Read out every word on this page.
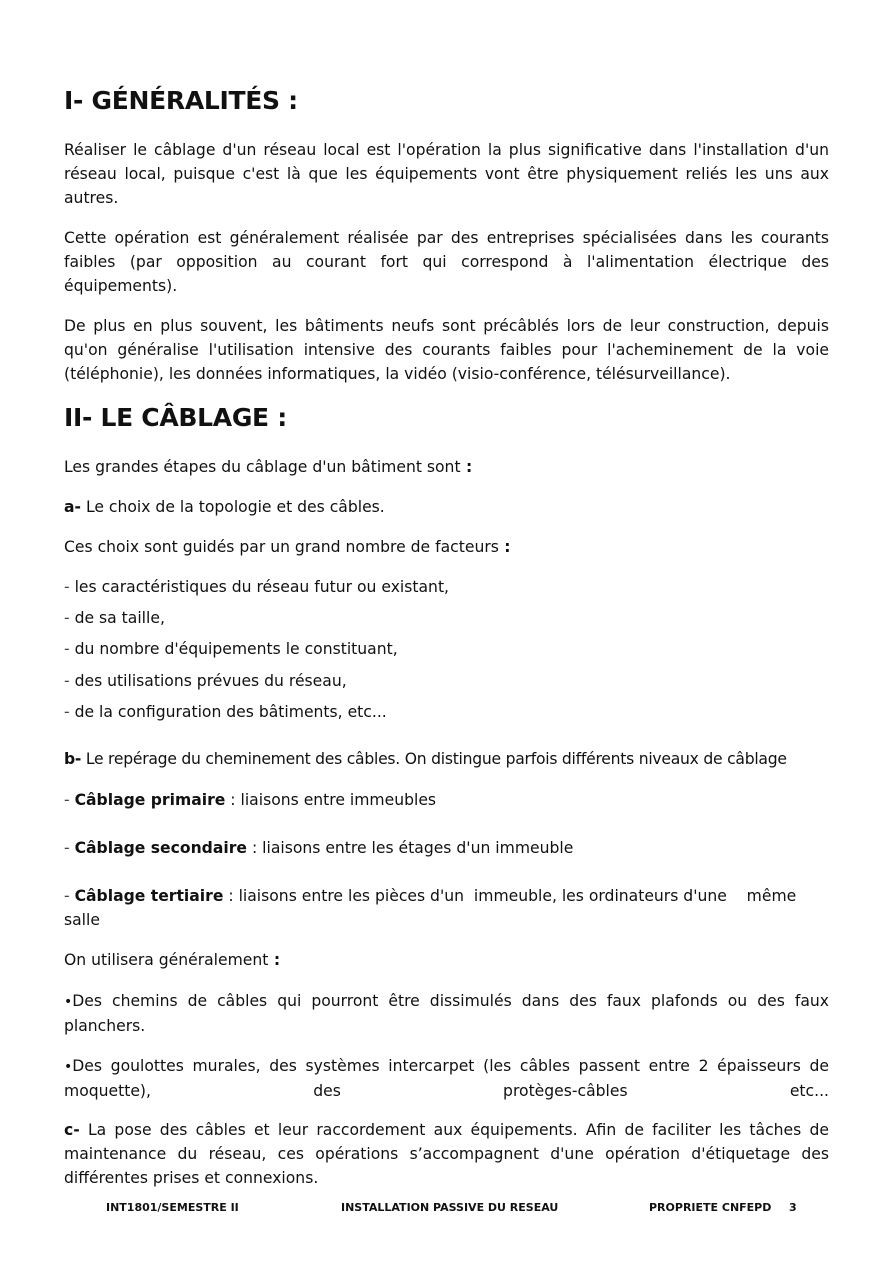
I- GÉNÉRALITÉS :

Réaliser le câblage d'un réseau local est l'opération la plus significative dans l'installation d'un réseau local, puisque c'est là que les équipements vont être physiquement reliés les uns aux autres.

Cette opération est généralement réalisée par des entreprises spécialisées dans les courants faibles (par opposition au courant fort qui correspond à l'alimentation électrique des équipements).

De plus en plus souvent, les bâtiments neufs sont précâblés lors de leur construction, depuis qu'on généralise l'utilisation intensive des courants faibles pour l'acheminement de la voie (téléphonie), les données informatiques, la vidéo (visio-conférence, télésurveillance).

II- LE CÂBLAGE :

Les grandes étapes du câblage d'un bâtiment sont :

a- Le choix de la topologie et des câbles.

Ces choix sont guidés par un grand nombre de facteurs :

- les caractéristiques du réseau futur ou existant,

- de sa taille,

- du nombre d'équipements le constituant,

- des utilisations prévues du réseau,

- de la configuration des bâtiments, etc...

b- Le repérage du cheminement des câbles. On distingue parfois différents niveaux de câblage

- Câblage primaire : liaisons entre immeubles

- Câblage secondaire : liaisons entre les étages d'un immeuble

- Câblage tertiaire : liaisons entre les pièces d'un  immeuble, les ordinateurs d'une    même salle

On utilisera généralement :

•Des chemins de câbles qui pourront être dissimulés dans des faux plafonds ou des faux planchers.

•Des goulottes murales, des systèmes intercarpet (les câbles passent entre 2 épaisseurs de moquette), des protèges-câbles etc...

c- La pose des câbles et leur raccordement aux équipements. Afin de faciliter les tâches de maintenance du réseau, ces opérations s’accompagnent d'une opération d'étiquetage des différentes prises et connexions.

INT1801/SEMESTRE II	INSTALLATION PASSIVE DU RESEAU	PROPRIETE CNFEPD 3
